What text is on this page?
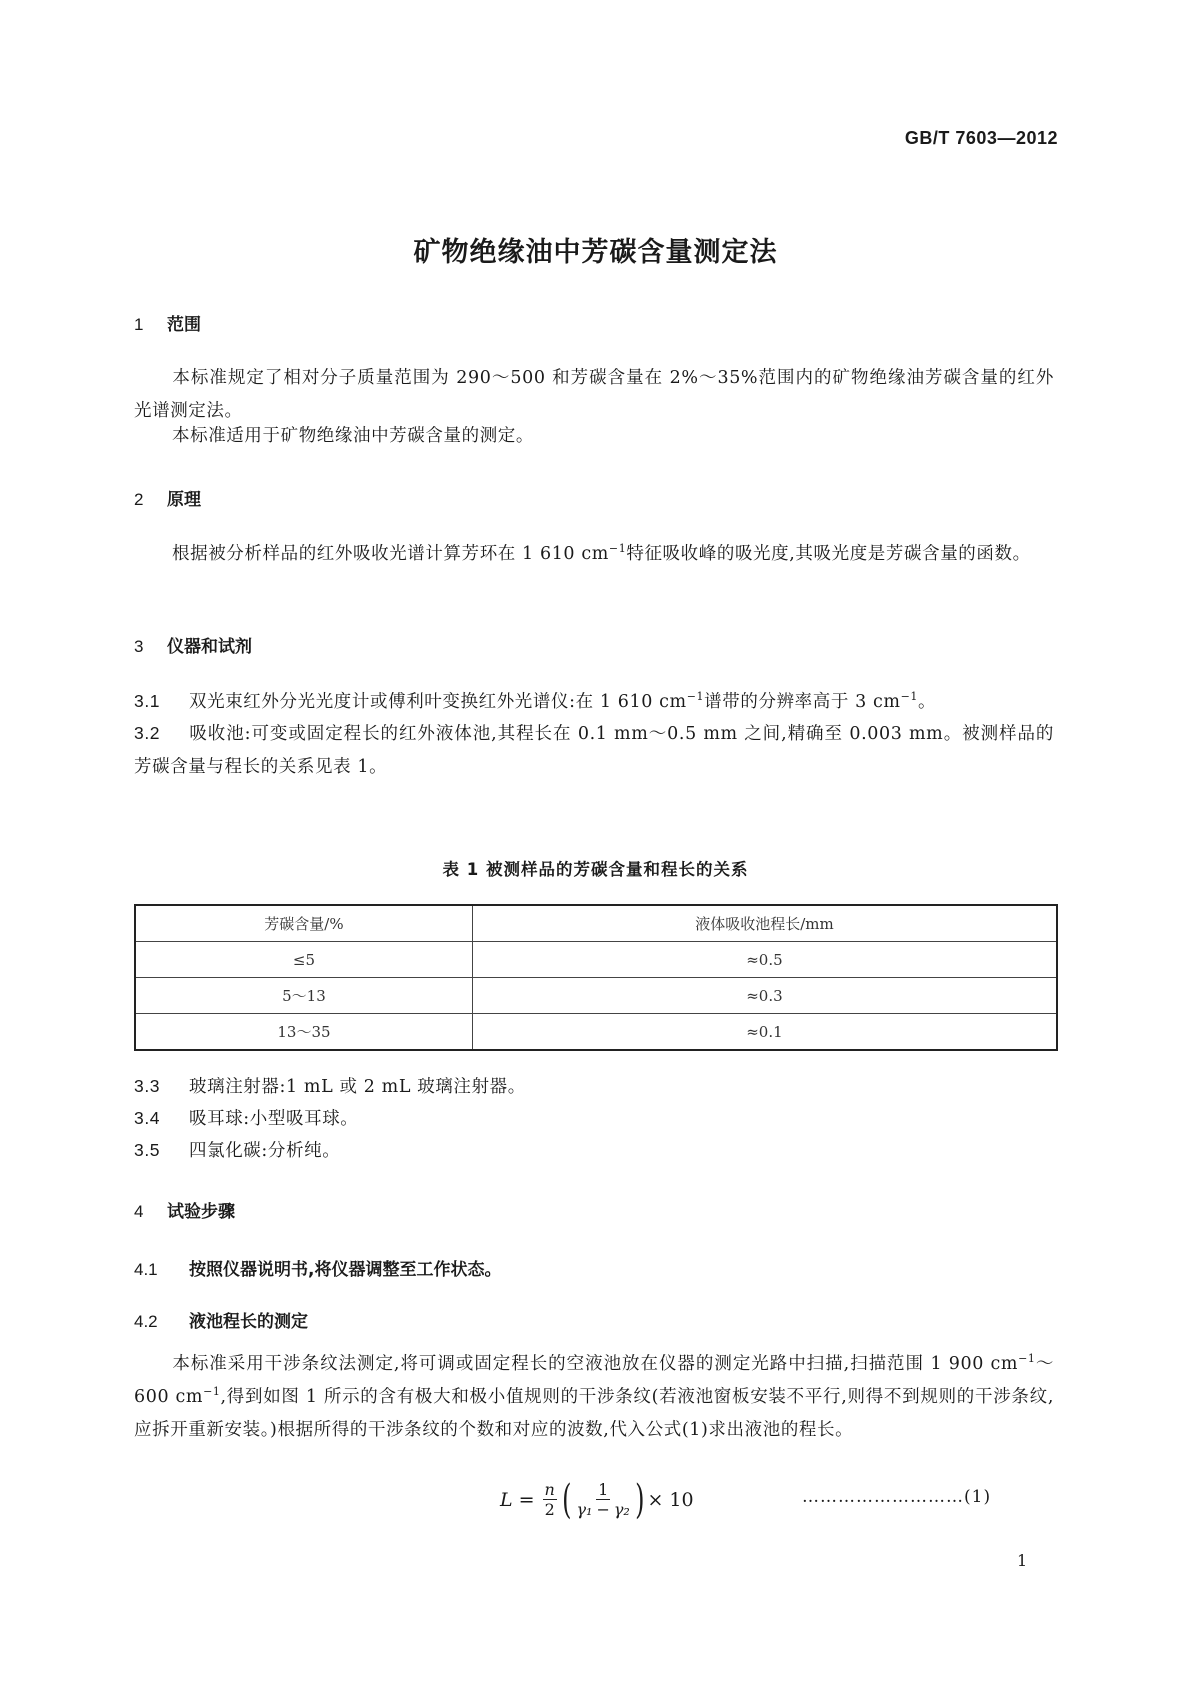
GB/T 7603—2012
矿物绝缘油中芳碳含量测定法
1 范围
本标准规定了相对分子质量范围为 290～500 和芳碳含量在 2%～35%范围内的矿物绝缘油芳碳含量的红外光谱测定法。
本标准适用于矿物绝缘油中芳碳含量的测定。
2 原理
根据被分析样品的红外吸收光谱计算芳环在 1 610 $cm^{-1}$特征吸收峰的吸光度,其吸光度是芳碳含量的函数。
3 仪器和试剂
3.1 双光束红外分光光度计或傅利叶变换红外光谱仪:在 1 610 $cm^{-1}$谱带的分辨率高于 3 $cm^{-1}$。
3.2 吸收池:可变或固定程长的红外液体池,其程长在 0.1 mm～0.5 mm 之间,精确至 0.003 mm。被测样品的芳碳含量与程长的关系见表 1。
表 1 被测样品的芳碳含量和程长的关系
芳碳含量/%	液体吸收池程长/mm
≤5	≈0.5
5～13	≈0.3
13～35	≈0.1
3.3 玻璃注射器:1 mL 或 2 mL 玻璃注射器。
3.4 吸耳球:小型吸耳球。
3.5 四氯化碳:分析纯。
4 试验步骤
4.1 按照仪器说明书,将仪器调整至工作状态。
4.2 液池程长的测定
本标准采用干涉条纹法测定,将可调或固定程长的空液池放在仪器的测定光路中扫描,扫描范围 1 900 $cm^{-1}\sim 600$ $cm^{-1}$,得到如图 1 所示的含有极大和极小值规则的干涉条纹(若液池窗板安装不平行,则得不到规则的干涉条纹,应拆开重新安装。)根据所得的干涉条纹的个数和对应的波数,代入公式(1)求出液池的程长。
$L = \frac{n}{2}$ ( $\frac{1}{\text{γ₁ − γ₂}}$ ) × 10	………………………(1)
1
